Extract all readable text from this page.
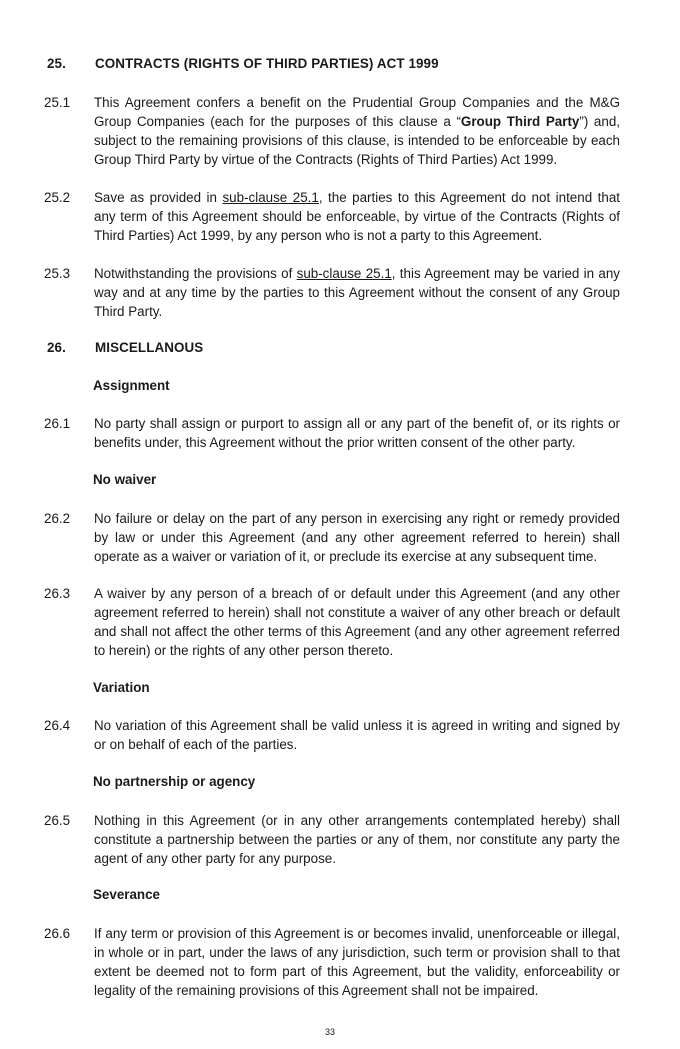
25.	CONTRACTS (RIGHTS OF THIRD PARTIES) ACT 1999
25.1	This Agreement confers a benefit on the Prudential Group Companies and the M&G Group Companies (each for the purposes of this clause a “Group Third Party”) and, subject to the remaining provisions of this clause, is intended to be enforceable by each Group Third Party by virtue of the Contracts (Rights of Third Parties) Act 1999.
25.2	Save as provided in sub-clause 25.1, the parties to this Agreement do not intend that any term of this Agreement should be enforceable, by virtue of the Contracts (Rights of Third Parties) Act 1999, by any person who is not a party to this Agreement.
25.3	Notwithstanding the provisions of sub-clause 25.1, this Agreement may be varied in any way and at any time by the parties to this Agreement without the consent of any Group Third Party.
26.	MISCELLANOUS
Assignment
26.1	No party shall assign or purport to assign all or any part of the benefit of, or its rights or benefits under, this Agreement without the prior written consent of the other party.
No waiver
26.2	No failure or delay on the part of any person in exercising any right or remedy provided by law or under this Agreement (and any other agreement referred to herein) shall operate as a waiver or variation of it, or preclude its exercise at any subsequent time.
26.3	A waiver by any person of a breach of or default under this Agreement (and any other agreement referred to herein) shall not constitute a waiver of any other breach or default and shall not affect the other terms of this Agreement (and any other agreement referred to herein) or the rights of any other person thereto.
Variation
26.4	No variation of this Agreement shall be valid unless it is agreed in writing and signed by or on behalf of each of the parties.
No partnership or agency
26.5	Nothing in this Agreement (or in any other arrangements contemplated hereby) shall constitute a partnership between the parties or any of them, nor constitute any party the agent of any other party for any purpose.
Severance
26.6	If any term or provision of this Agreement is or becomes invalid, unenforceable or illegal, in whole or in part, under the laws of any jurisdiction, such term or provision shall to that extent be deemed not to form part of this Agreement, but the validity, enforceability or legality of the remaining provisions of this Agreement shall not be impaired.
33
